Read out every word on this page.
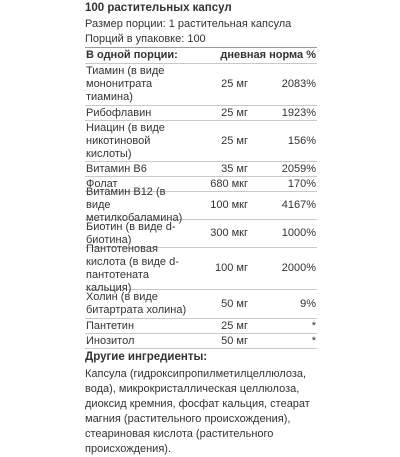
100 растительных капсул
Размер порции: 1 растительная капсула
Порций в упаковке: 100
В одной порции:	дневная норма %
Тиамин (в виде мононитрата тиамина)
25 мг	2083%
Рибофлавин	25 мг	1923%
Ниацин (в виде никотиновой кислоты)
25 мг	156%
Витамин B6	35 мг	2059%
Фолат	680 мкг	170%
Витамин B12 (в виде метилкобаламина)
100 мкг	4167%
Биотин (в виде d-биотина)
300 мкг	1000%
Пантотеновая кислота (в виде d-пантотената кальция)
100 мг	2000%
Холин (в виде битартрата холина)
50 мг	9%
Пантетин	25 мг	*
Инозитол	50 мг	*
Другие ингредиенты:
Капсула (гидроксипропилметилцеллюлоза, вода), микрокристаллическая целлюлоза, диоксид кремния, фосфат кальция, стеарат магния (растительного происхождения), стеариновая кислота (растительного происхождения).
